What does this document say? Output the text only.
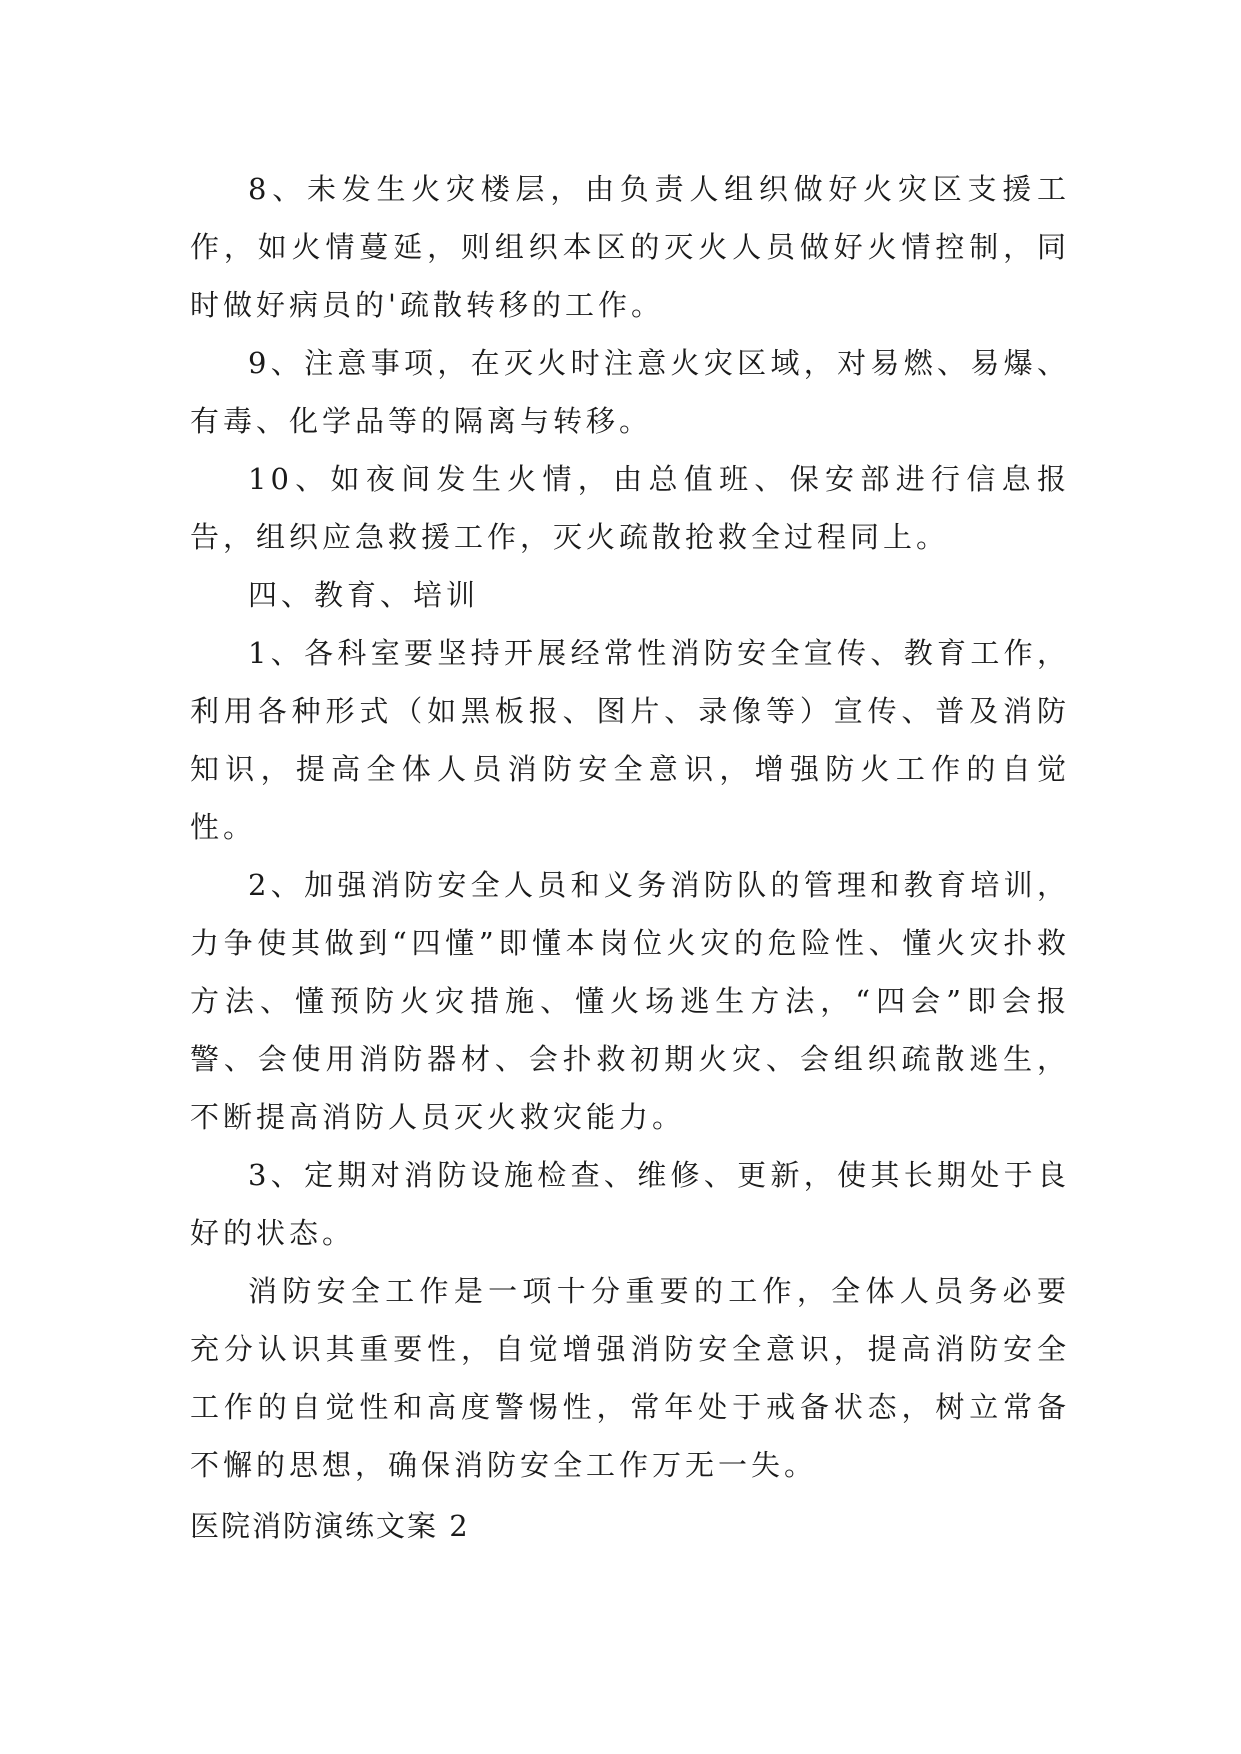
8、未发生火灾楼层，由负责人组织做好火灾区支援工作，如火情蔓延，则组织本区的灭火人员做好火情控制，同时做好病员的'疏散转移的工作。

9、注意事项，在灭火时注意火灾区域，对易燃、易爆、有毒、化学品等的隔离与转移。

10、如夜间发生火情，由总值班、保安部进行信息报告，组织应急救援工作，灭火疏散抢救全过程同上。

四、教育、培训

1、各科室要坚持开展经常性消防安全宣传、教育工作，利用各种形式（如黑板报、图片、录像等）宣传、普及消防知识，提高全体人员消防安全意识，增强防火工作的自觉性。

2、加强消防安全人员和义务消防队的管理和教育培训，力争使其做到“四懂”即懂本岗位火灾的危险性、懂火灾扑救方法、懂预防火灾措施、懂火场逃生方法，“四会”即会报警、会使用消防器材、会扑救初期火灾、会组织疏散逃生，不断提高消防人员灭火救灾能力。

3、定期对消防设施检查、维修、更新，使其长期处于良好的状态。

消防安全工作是一项十分重要的工作，全体人员务必要充分认识其重要性，自觉增强消防安全意识，提高消防安全工作的自觉性和高度警惕性，常年处于戒备状态，树立常备不懈的思想，确保消防安全工作万无一失。

医院消防演练文案 2
